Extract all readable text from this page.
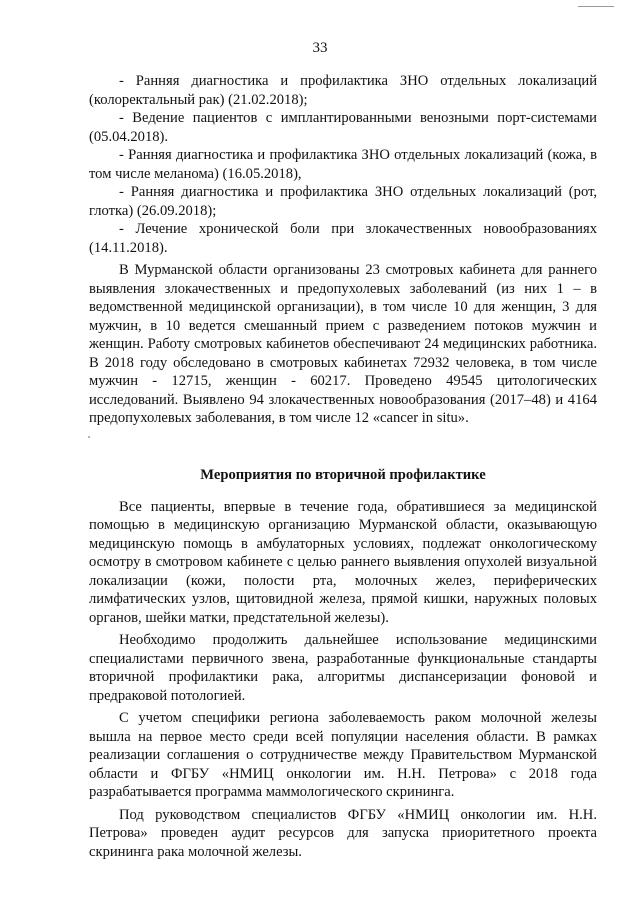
33

- Ранняя диагностика и профилактика ЗНО отдельных локализаций (колоректальный рак) (21.02.2018);

- Ведение пациентов с имплантированными венозными порт-системами (05.04.2018).

- Ранняя диагностика и профилактика ЗНО отдельных локализаций (кожа, в том числе меланома) (16.05.2018),

- Ранняя диагностика и профилактика ЗНО отдельных локализаций (рот, глотка) (26.09.2018);

- Лечение хронической боли при злокачественных новообразованиях (14.11.2018).

В Мурманской области организованы 23 смотровых кабинета для раннего выявления злокачественных и предопухолевых заболеваний (из них 1 – в ведомственной медицинской организации), в том числе 10 для женщин, 3 для мужчин, в 10 ведется смешанный прием с разведением потоков мужчин и женщин. Работу смотровых кабинетов обеспечивают 24 медицинских работника. В 2018 году обследовано в смотровых кабинетах 72932 человека, в том числе мужчин - 12715, женщин - 60217. Проведено 49545 цитологических исследований. Выявлено 94 злокачественных новообразования (2017–48) и 4164 предопухолевых заболевания, в том числе 12 «cancer in situ».

Мероприятия по вторичной профилактике

Все пациенты, впервые в течение года, обратившиеся за медицинской помощью в медицинскую организацию Мурманской области, оказывающую медицинскую помощь в амбулаторных условиях, подлежат онкологическому осмотру в смотровом кабинете с целью раннего выявления опухолей визуальной локализации (кожи, полости рта, молочных желез, периферических лимфатических узлов, щитовидной железа, прямой кишки, наружных половых органов, шейки матки, предстательной железы).

Необходимо продолжить дальнейшее использование медицинскими специалистами первичного звена, разработанные функциональные стандарты вторичной профилактики рака, алгоритмы диспансеризации фоновой и предраковой потологией.

С учетом специфики региона заболеваемость раком молочной железы вышла на первое место среди всей популяции населения области. В рамках реализации соглашения о сотрудничестве между Правительством Мурманской области и ФГБУ «НМИЦ онкологии им. Н.Н. Петрова» с 2018 года разрабатывается программа маммологического скрининга.

Под руководством специалистов ФГБУ «НМИЦ онкологии им. Н.Н. Петрова» проведен аудит ресурсов для запуска приоритетного проекта скрининга рака молочной железы.
